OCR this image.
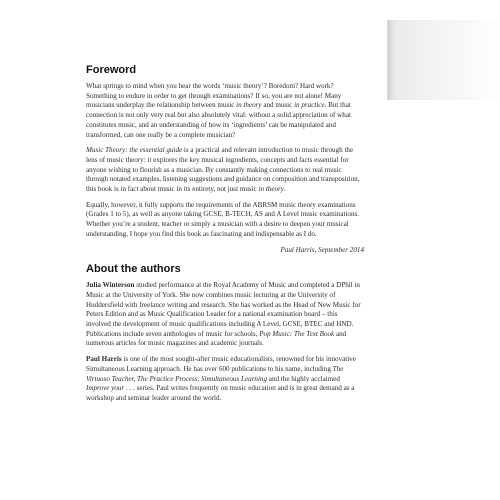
Foreword

What springs to mind when you hear the words ‘music theory’? Boredom? Hard work? Something to endure in order to get through examinations? If so, you are not alone! Many musicians underplay the relationship between music in theory and music in practice. But that connection is not only very real but also absolutely vital: without a solid appreciation of what constitutes music, and an understanding of how its ‘ingredients’ can be manipulated and transformed, can one really be a complete musician?

Music Theory: the essential guide is a practical and relevant introduction to music through the lens of music theory: it explores the key musical ingredients, concepts and facts essential for anyone wishing to flourish as a musician. By constantly making connections to real music through notated examples, listening suggestions and guidance on composition and transposition, this book is in fact about music in its entirety, not just music in theory.

Equally, however, it fully supports the requirements of the ABRSM music theory examinations (Grades 1 to 5), as well as anyone taking GCSE, B-TECH, AS and A Level music examinations. Whether you’re a student, teacher or simply a musician with a desire to deepen your musical understanding, I hope you find this book as fascinating and indispensable as I do.

Paul Harris, September 2014

About the authors

Julia Winterson studied performance at the Royal Academy of Music and completed a DPhil in Music at the University of York. She now combines music lecturing at the University of Huddersfield with freelance writing and research. She has worked as the Head of New Music for Peters Edition and as Music Qualification Leader for a national examination board – this involved the development of music qualifications including A Level, GCSE, BTEC and HND. Publications include seven anthologies of music for schools, Pop Music: The Text Book and numerous articles for music magazines and academic journals.

Paul Harris is one of the most sought-after music educationalists, renowned for his innovative Simultaneous Learning approach. He has over 600 publications to his name, including The Virtuoso Teacher, The Practice Process, Simultaneous Learning and the highly acclaimed Improve your . . . series. Paul writes frequently on music education and is in great demand as a workshop and seminar leader around the world.
